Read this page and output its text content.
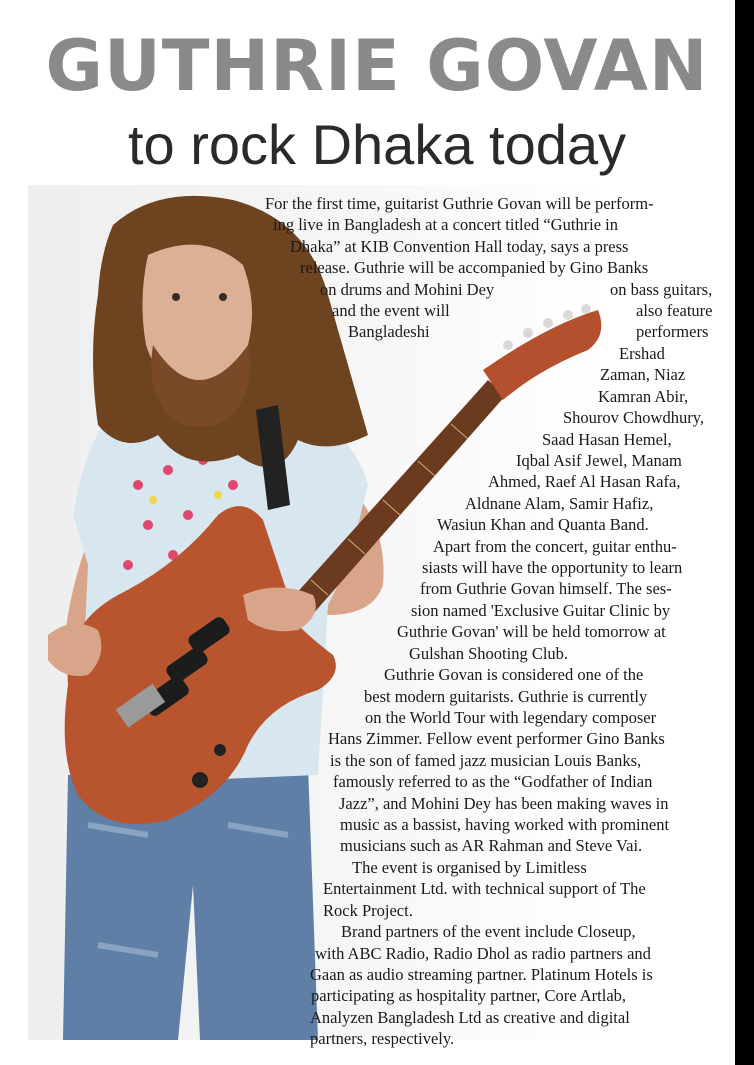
GUTHRIE GOVAN
to rock Dhaka today
For the first time, guitarist Guthrie Govan will be perform-
ing live in Bangladesh at a concert titled “Guthrie in
Dhaka” at KIB Convention Hall today, says a press
release. Guthrie will be accompanied by Gino Banks
on drums and Mohini Dey	on bass guitars,
and the event will	also feature
Bangladeshi	performers
Ershad
Zaman, Niaz
Kamran Abir,
Shourov Chowdhury,
Saad Hasan Hemel,
Iqbal Asif Jewel, Manam
Ahmed, Raef Al Hasan Rafa,
Aldnane Alam, Samir Hafiz,
Wasiun Khan and Quanta Band.
Apart from the concert, guitar enthu-
siasts will have the opportunity to learn
from Guthrie Govan himself. The ses-
sion named 'Exclusive Guitar Clinic by
Guthrie Govan' will be held tomorrow at
Gulshan Shooting Club.
Guthrie Govan is considered one of the
best modern guitarists. Guthrie is currently
on the World Tour with legendary composer
Hans Zimmer. Fellow event performer Gino Banks
is the son of famed jazz musician Louis Banks,
famously referred to as the “Godfather of Indian
Jazz”, and Mohini Dey has been making waves in
music as a bassist, having worked with prominent
musicians such as AR Rahman and Steve Vai.
The event is organised by Limitless
Entertainment Ltd. with technical support of The
Rock Project.
Brand partners of the event include Closeup,
with ABC Radio, Radio Dhol as radio partners and
Gaan as audio streaming partner. Platinum Hotels is
participating as hospitality partner, Core Artlab,
Analyzen Bangladesh Ltd as creative and digital
partners, respectively.
